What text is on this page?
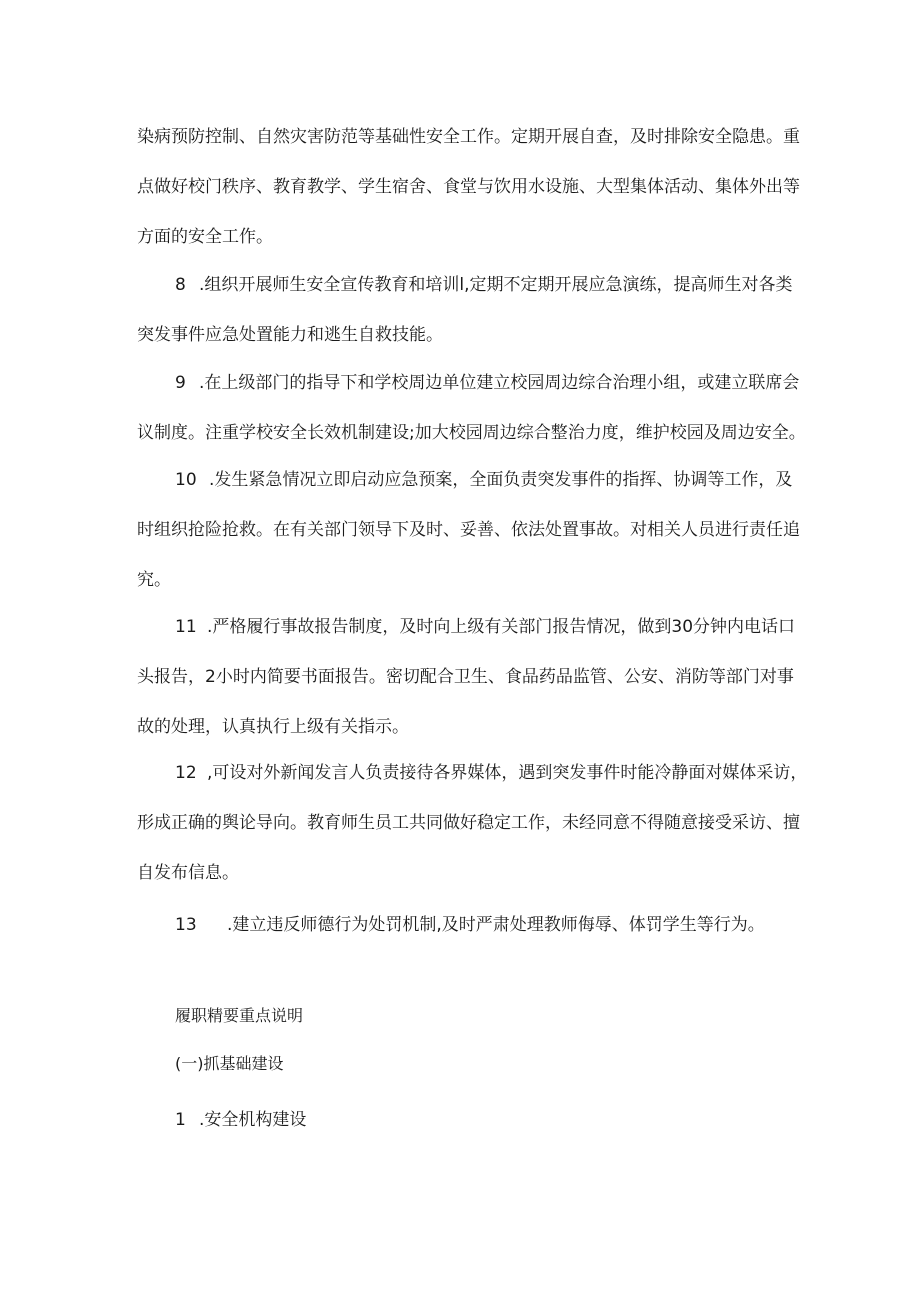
染病预防控制、自然灾害防范等基础性安全工作。定期开展自查，及时排除安全隐患。重
点做好校门秩序、教育教学、学生宿舍、食堂与饮用水设施、大型集体活动、集体外出等
方面的安全工作。
8 .组织开展师生安全宣传教育和培训l,定期不定期开展应急演练，提高师生对各类
突发事件应急处置能力和逃生自救技能。
9 .在上级部门的指导下和学校周边单位建立校园周边综合治理小组，或建立联席会
议制度。注重学校安全长效机制建设;加大校园周边综合整治力度，维护校园及周边安全。
10 .发生紧急情况立即启动应急预案，全面负责突发事件的指挥、协调等工作，及
时组织抢险抢救。在有关部门领导下及时、妥善、依法处置事故。对相关人员进行责任追
究。
11 .严格履行事故报告制度，及时向上级有关部门报告情况，做到30分钟内电话口
头报告，2小时内简要书面报告。密切配合卫生、食品药品监管、公安、消防等部门对事
故的处理，认真执行上级有关指示。
12 ,可设对外新闻发言人负责接待各界媒体，遇到突发事件时能冷静面对媒体采访，
形成正确的舆论导向。教育师生员工共同做好稳定工作，未经同意不得随意接受采访、擅
自发布信息。
13 .建立违反师德行为处罚机制,及时严肃处理教师侮辱、体罚学生等行为。
履职精要重点说明
(一)抓基础建设
1 .安全机构建设
